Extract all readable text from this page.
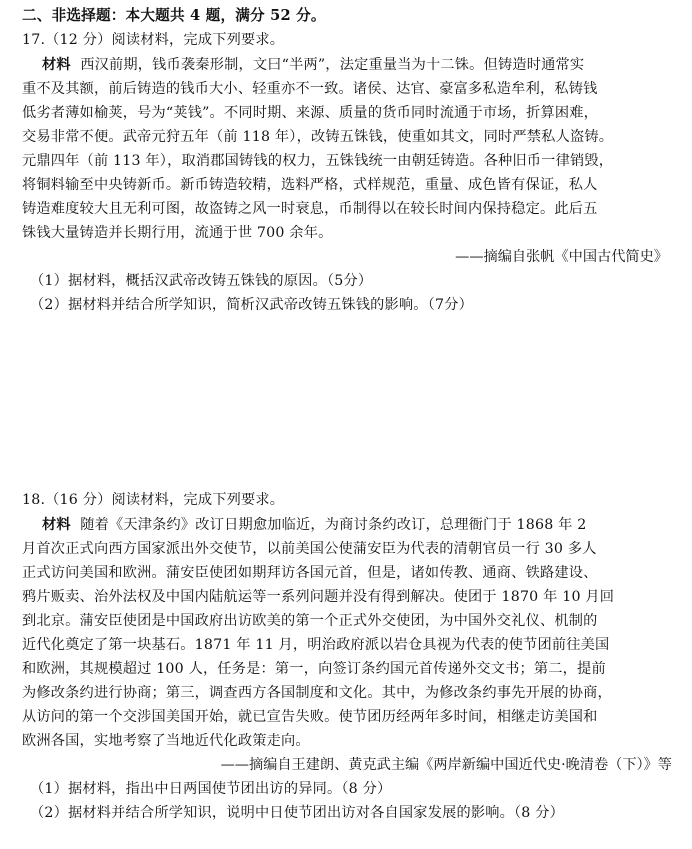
二、非选择题：本大题共 4 题，满分 52 分。
17.（12 分）阅读材料，完成下列要求。
材料 西汉前期，钱币袭秦形制，文曰“半两”，法定重量当为十二铢。但铸造时通常实
重不及其额，前后铸造的钱币大小、轻重亦不一致。诸侯、达官、豪富多私造牟利，私铸钱
低劣者薄如榆荚，号为“荚钱”。不同时期、来源、质量的货币同时流通于市场，折算困难，
交易非常不便。武帝元狩五年（前 118 年），改铸五铢钱，使重如其文，同时严禁私人盗铸。
元鼎四年（前 113 年），取消郡国铸钱的权力，五铢钱统一由朝廷铸造。各种旧币一律销毁，
将铜料输至中央铸新币。新币铸造较精，选料严格，式样规范，重量、成色皆有保证，私人
铸造难度较大且无利可图，故盗铸之风一时衰息，币制得以在较长时间内保持稳定。此后五
铢钱大量铸造并长期行用，流通于世 700 余年。
——摘编自张帆《中国古代简史》
（1）据材料，概括汉武帝改铸五铢钱的原因。（5分）
（2）据材料并结合所学知识，简析汉武帝改铸五铢钱的影响。（7分）
18.（16 分）阅读材料，完成下列要求。
材料 随着《天津条约》改订日期愈加临近，为商讨条约改订，总理衙门于 1868 年 2
月首次正式向西方国家派出外交使节，以前美国公使蒲安臣为代表的清朝官员一行 30 多人
正式访问美国和欧洲。蒲安臣使团如期拜访各国元首，但是，诸如传教、通商、铁路建设、
鸦片贩卖、治外法权及中国内陆航运等一系列问题并没有得到解决。使团于 1870 年 10 月回
到北京。蒲安臣使团是中国政府出访欧美的第一个正式外交使团，为中国外交礼仪、机制的
近代化奠定了第一块基石。1871 年 11 月，明治政府派以岩仓具视为代表的使节团前往美国
和欧洲，其规模超过 100 人，任务是：第一，向签订条约国元首传递外交文书；第二，提前
为修改条约进行协商；第三，调查西方各国制度和文化。其中，为修改条约事先开展的协商，
从访问的第一个交涉国美国开始，就已宣告失败。使节团历经两年多时间，相继走访美国和
欧洲各国，实地考察了当地近代化政策走向。
——摘编自王建朗、黄克武主编《两岸新编中国近代史·晚清卷（下）》等
（1）据材料，指出中日两国使节团出访的异同。（8 分）
（2）据材料并结合所学知识，说明中日使节团出访对各自国家发展的影响。（8 分）
